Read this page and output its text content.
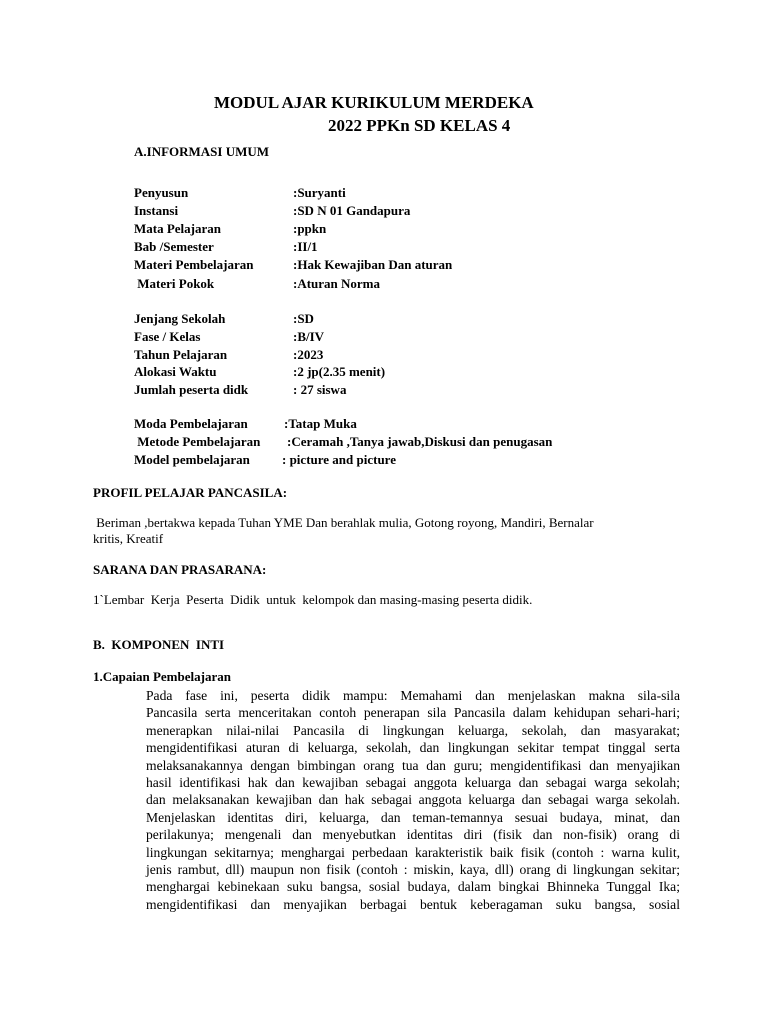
MODUL AJAR KURIKULUM MERDEKA
2022 PPKn SD KELAS 4
A.INFORMASI UMUM
Penyusun	:Suryanti
Instansi	:SD N 01 Gandapura
Mata Pelajaran	:ppkn
Bab /Semester	:II/1
Materi Pembelajaran	:Hak Kewajiban Dan aturan
Materi Pokok	:Aturan Norma
Jenjang Sekolah	:SD
Fase / Kelas	:B/IV
Tahun Pelajaran	:2023
Alokasi Waktu	:2 jp(2.35 menit)
Jumlah peserta didk	: 27 siswa
Moda Pembelajaran	:Tatap Muka
Metode Pembelajaran :Ceramah ,Tanya jawab,Diskusi dan penugasan
Model pembelajaran : picture and picture
PROFIL PELAJAR PANCASILA:
Beriman ,bertakwa kepada Tuhan YME Dan berahlak mulia, Gotong royong, Mandiri, Bernalar
kritis, Kreatif
SARANA DAN PRASARANA:
1`Lembar  Kerja  Peserta  Didik  untuk  kelompok dan masing-masing peserta didik.
B.  KOMPONEN  INTI
1.Capaian Pembelajaran
Pada fase ini, peserta didik mampu: Memahami dan menjelaskan makna sila-sila
Pancasila serta menceritakan contoh penerapan sila Pancasila dalam kehidupan sehari-hari;
menerapkan nilai-nilai Pancasila di lingkungan keluarga, sekolah, dan masyarakat;
mengidentifikasi aturan di keluarga, sekolah, dan lingkungan sekitar tempat tinggal serta
melaksanakannya dengan bimbingan orang tua dan guru; mengidentifikasi dan menyajikan
hasil identifikasi hak dan kewajiban sebagai anggota keluarga dan sebagai warga sekolah;
dan melaksanakan kewajiban dan hak sebagai anggota keluarga dan sebagai warga sekolah.
Menjelaskan identitas diri, keluarga, dan teman-temannya sesuai budaya, minat, dan
perilakunya; mengenali dan menyebutkan identitas diri (fisik dan non-fisik) orang di
lingkungan sekitarnya; menghargai perbedaan karakteristik baik fisik (contoh : warna kulit,
jenis rambut, dll) maupun non fisik (contoh : miskin, kaya, dll) orang di lingkungan sekitar;
menghargai kebinekaan suku bangsa, sosial budaya, dalam bingkai Bhinneka Tunggal Ika;
mengidentifikasi dan menyajikan berbagai bentuk keberagaman suku bangsa, sosial
